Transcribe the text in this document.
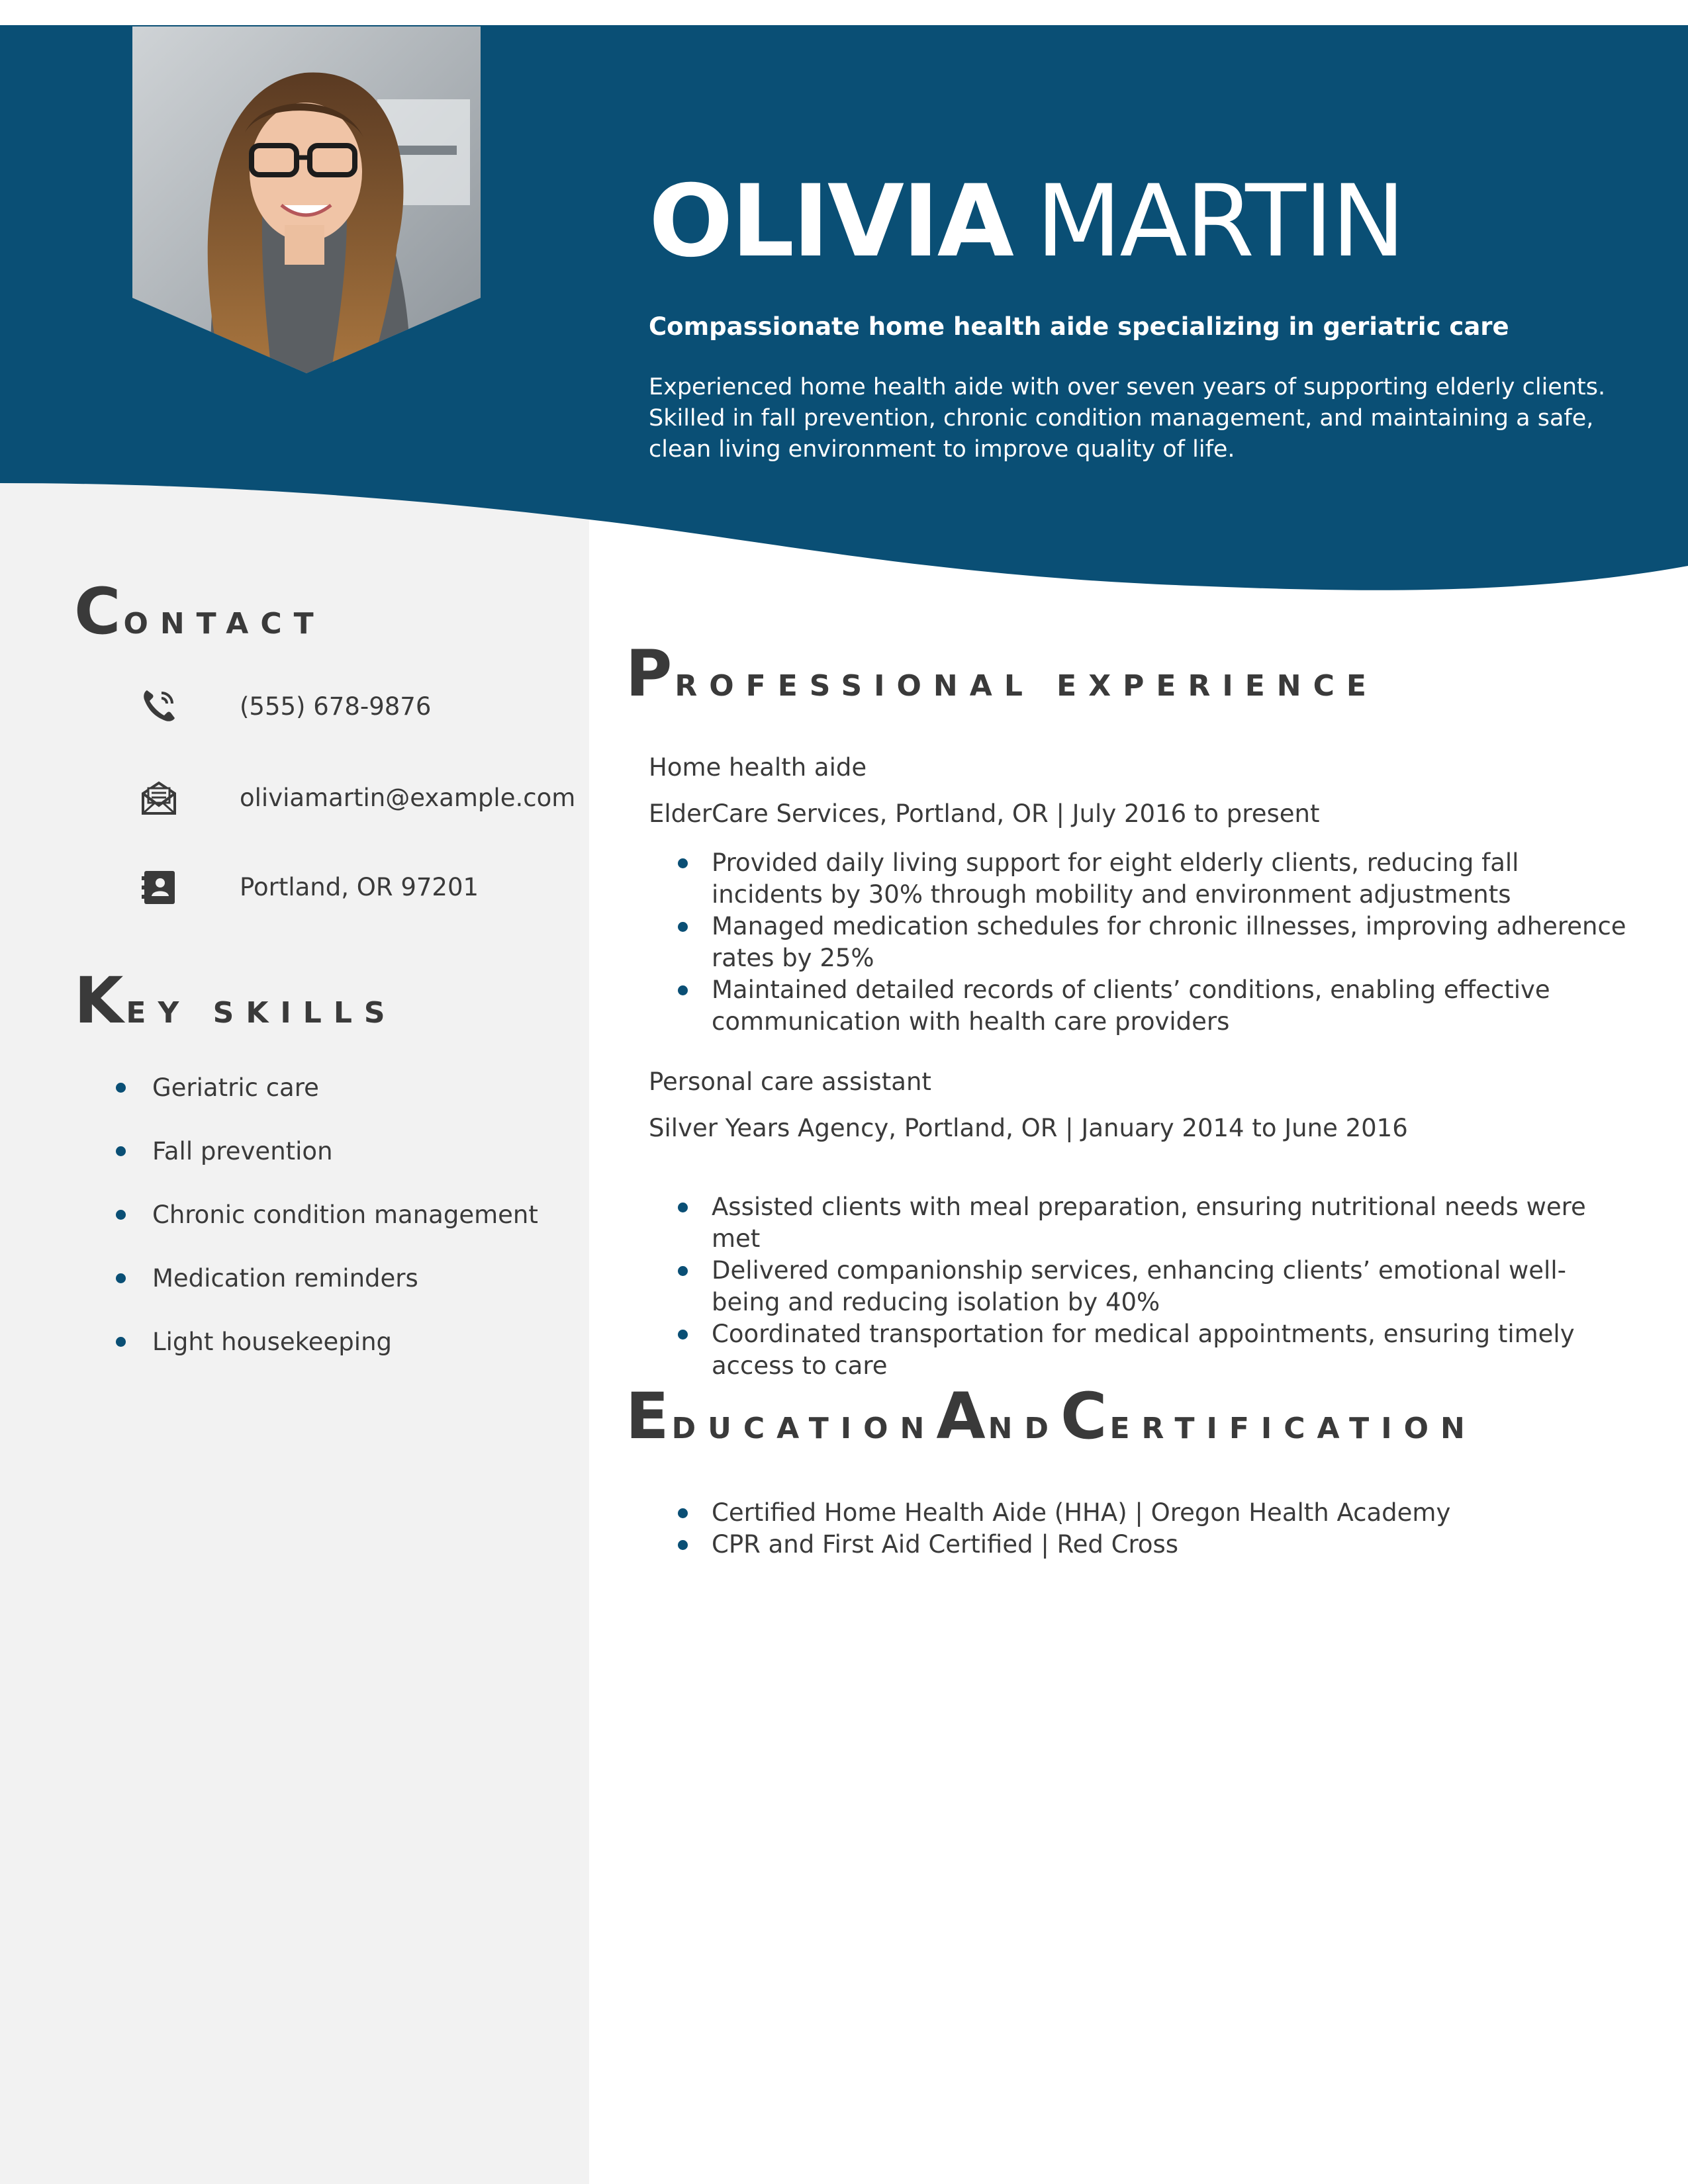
OLIVIA MARTIN
Compassionate home health aide specializing in geriatric care
Experienced home health aide with over seven years of supporting elderly clients. Skilled in fall prevention, chronic condition management, and maintaining a safe, clean living environment to improve quality of life.
CONTACT
(555) 678-9876
oliviamartin@example.com
Portland, OR 97201
KEY SKILLS
Geriatric care
Fall prevention
Chronic condition management
Medication reminders
Light housekeeping
PROFESSIONAL EXPERIENCE
Home health aide
ElderCare Services, Portland, OR | July 2016 to present
Provided daily living support for eight elderly clients, reducing fall incidents by 30% through mobility and environment adjustments
Managed medication schedules for chronic illnesses, improving adherence rates by 25%
Maintained detailed records of clients’ conditions, enabling effective communication with health care providers
Personal care assistant
Silver Years Agency, Portland, OR | January 2014 to June 2016
Assisted clients with meal preparation, ensuring nutritional needs were met
Delivered companionship services, enhancing clients’ emotional well-being and reducing isolation by 40%
Coordinated transportation for medical appointments, ensuring timely access to care
EDUCATIONANDCERTIFICATION
Certified Home Health Aide (HHA) | Oregon Health Academy
CPR and First Aid Certified | Red Cross
